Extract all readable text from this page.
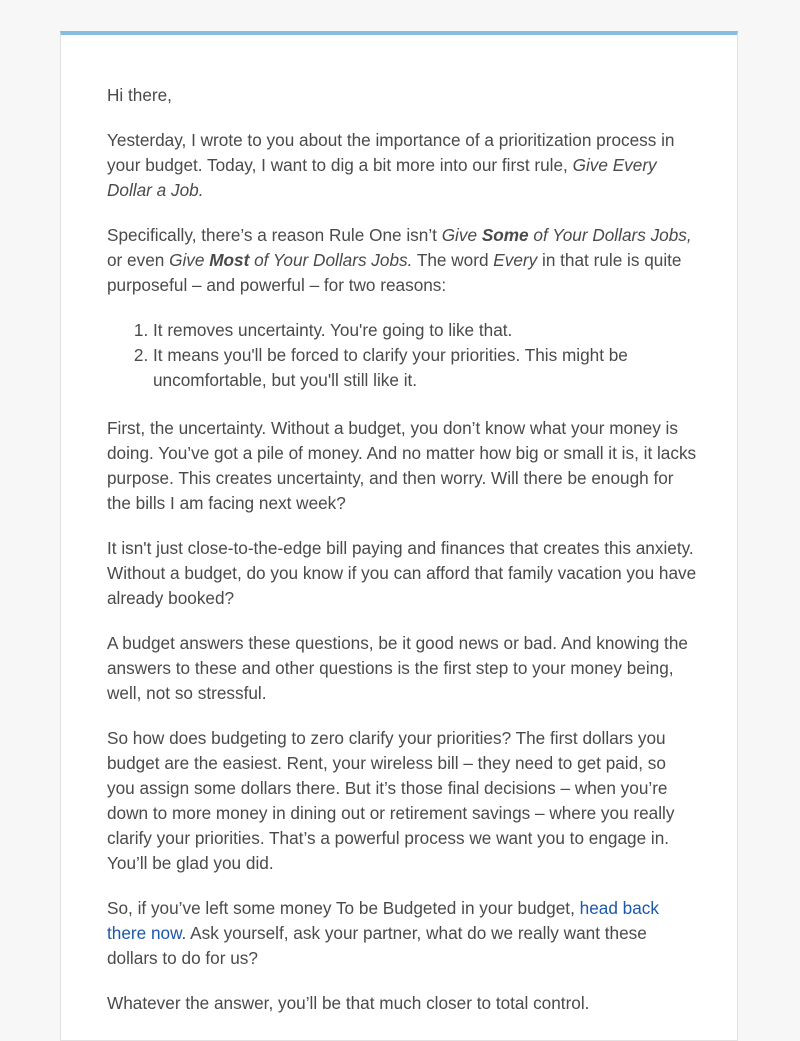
Hi there,

Yesterday, I wrote to you about the importance of a prioritization process in your budget. Today, I want to dig a bit more into our first rule, Give Every Dollar a Job.

Specifically, there’s a reason Rule One isn’t Give Some of Your Dollars Jobs, or even Give Most of Your Dollars Jobs. The word Every in that rule is quite purposeful – and powerful – for two reasons:

1. It removes uncertainty. You're going to like that.
2. It means you'll be forced to clarify your priorities. This might be uncomfortable, but you'll still like it.

First, the uncertainty. Without a budget, you don’t know what your money is doing. You’ve got a pile of money. And no matter how big or small it is, it lacks purpose. This creates uncertainty, and then worry. Will there be enough for the bills I am facing next week?

It isn't just close-to-the-edge bill paying and finances that creates this anxiety. Without a budget, do you know if you can afford that family vacation you have already booked?

A budget answers these questions, be it good news or bad. And knowing the answers to these and other questions is the first step to your money being, well, not so stressful.

So how does budgeting to zero clarify your priorities? The first dollars you budget are the easiest. Rent, your wireless bill – they need to get paid, so you assign some dollars there. But it’s those final decisions – when you’re down to more money in dining out or retirement savings – where you really clarify your priorities. That’s a powerful process we want you to engage in. You’ll be glad you did.

So, if you’ve left some money To be Budgeted in your budget, head back there now. Ask yourself, ask your partner, what do we really want these dollars to do for us?

Whatever the answer, you’ll be that much closer to total control.
